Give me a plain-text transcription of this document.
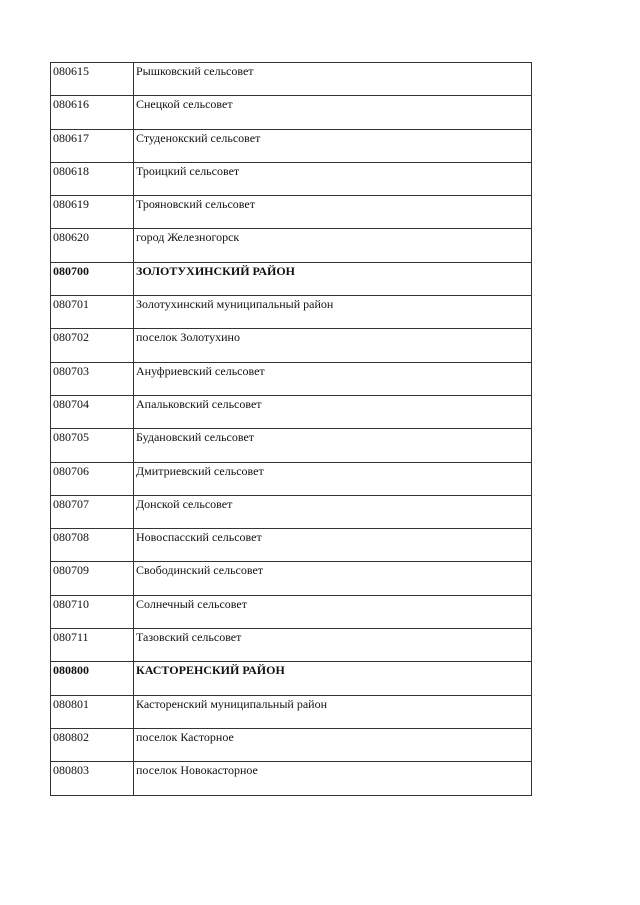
080615	Рышковский сельсовет
080616	Снецкой сельсовет
080617	Студенокский сельсовет
080618	Троицкий сельсовет
080619	Трояновский сельсовет
080620	город Железногорск
080700	ЗОЛОТУХИНСКИЙ РАЙОН
080701	Золотухинский муниципальный район
080702	поселок Золотухино
080703	Ануфриевский сельсовет
080704	Апальковский сельсовет
080705	Будановский сельсовет
080706	Дмитриевский сельсовет
080707	Донской сельсовет
080708	Новоспасский сельсовет
080709	Свободинский сельсовет
080710	Солнечный сельсовет
080711	Тазовский сельсовет
080800	КАСТОРЕНСКИЙ РАЙОН
080801	Касторенский муниципальный район
080802	поселок Касторное
080803	поселок Новокасторное
